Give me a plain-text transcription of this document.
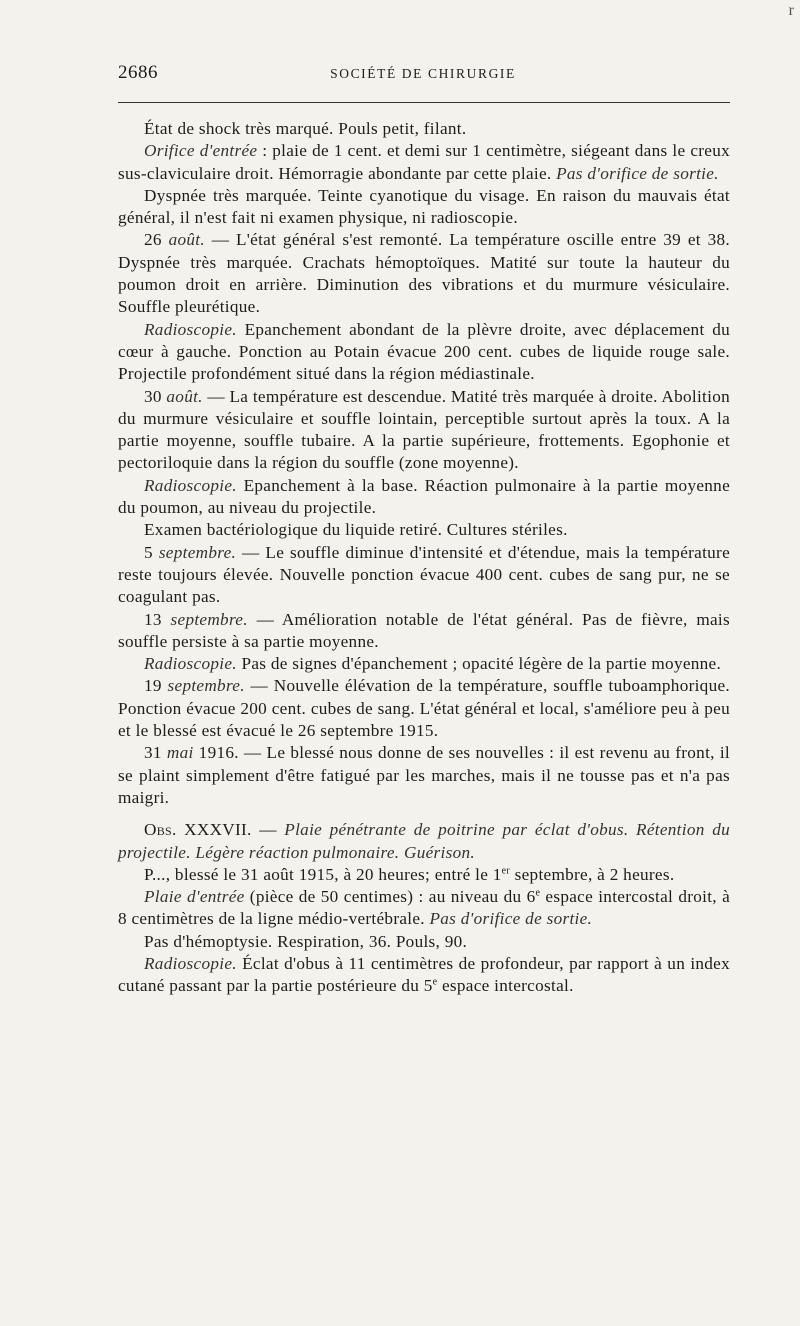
2686	SOCIÉTÉ DE CHIRURGIE
r

État de shock très marqué. Pouls petit, filant.

Orifice d'entrée : plaie de 1 cent. et demi sur 1 centimètre, siégeant dans le creux sus-claviculaire droit. Hémorragie abondante par cette plaie. Pas d'orifice de sortie.

Dyspnée très marquée. Teinte cyanotique du visage. En raison du mauvais état général, il n'est fait ni examen physique, ni radioscopie.

26 août. — L'état général s'est remonté. La température oscille entre 39 et 38. Dyspnée très marquée. Crachats hémoptoïques. Matité sur toute la hauteur du poumon droit en arrière. Diminution des vibrations et du murmure vésiculaire. Souffle pleurétique.

Radioscopie. Epanchement abondant de la plèvre droite, avec déplacement du cœur à gauche. Ponction au Potain évacue 200 cent. cubes de liquide rouge sale. Projectile profondément situé dans la région médiastinale.

30 août. — La température est descendue. Matité très marquée à droite. Abolition du murmure vésiculaire et souffle lointain, perceptible surtout après la toux. A la partie moyenne, souffle tubaire. A la partie supérieure, frottements. Egophonie et pectoriloquie dans la région du souffle (zone moyenne).

Radioscopie. Epanchement à la base. Réaction pulmonaire à la partie moyenne du poumon, au niveau du projectile.

Examen bactériologique du liquide retiré. Cultures stériles.

5 septembre. — Le souffle diminue d'intensité et d'étendue, mais la température reste toujours élevée. Nouvelle ponction évacue 400 cent. cubes de sang pur, ne se coagulant pas.

13 septembre. — Amélioration notable de l'état général. Pas de fièvre, mais souffle persiste à sa partie moyenne.

Radioscopie. Pas de signes d'épanchement ; opacité légère de la partie moyenne.

19 septembre. — Nouvelle élévation de la température, souffle tuboamphorique. Ponction évacue 200 cent. cubes de sang. L'état général et local, s'améliore peu à peu et le blessé est évacué le 26 septembre 1915.

31 mai 1916. — Le blessé nous donne de ses nouvelles : il est revenu au front, il se plaint simplement d'être fatigué par les marches, mais il ne tousse pas et n'a pas maigri.

Obs. XXXVII. — Plaie pénétrante de poitrine par éclat d'obus. Rétention du projectile. Légère réaction pulmonaire. Guérison.

P..., blessé le 31 août 1915, à 20 heures; entré le 1er septembre, à 2 heures.

Plaie d'entrée (pièce de 50 centimes) : au niveau du 6e espace intercostal droit, à 8 centimètres de la ligne médio-vertébrale. Pas d'orifice de sortie.

Pas d'hémoptysie. Respiration, 36. Pouls, 90.

Radioscopie. Éclat d'obus à 11 centimètres de profondeur, par rapport à un index cutané passant par la partie postérieure du 5e espace intercostal.
